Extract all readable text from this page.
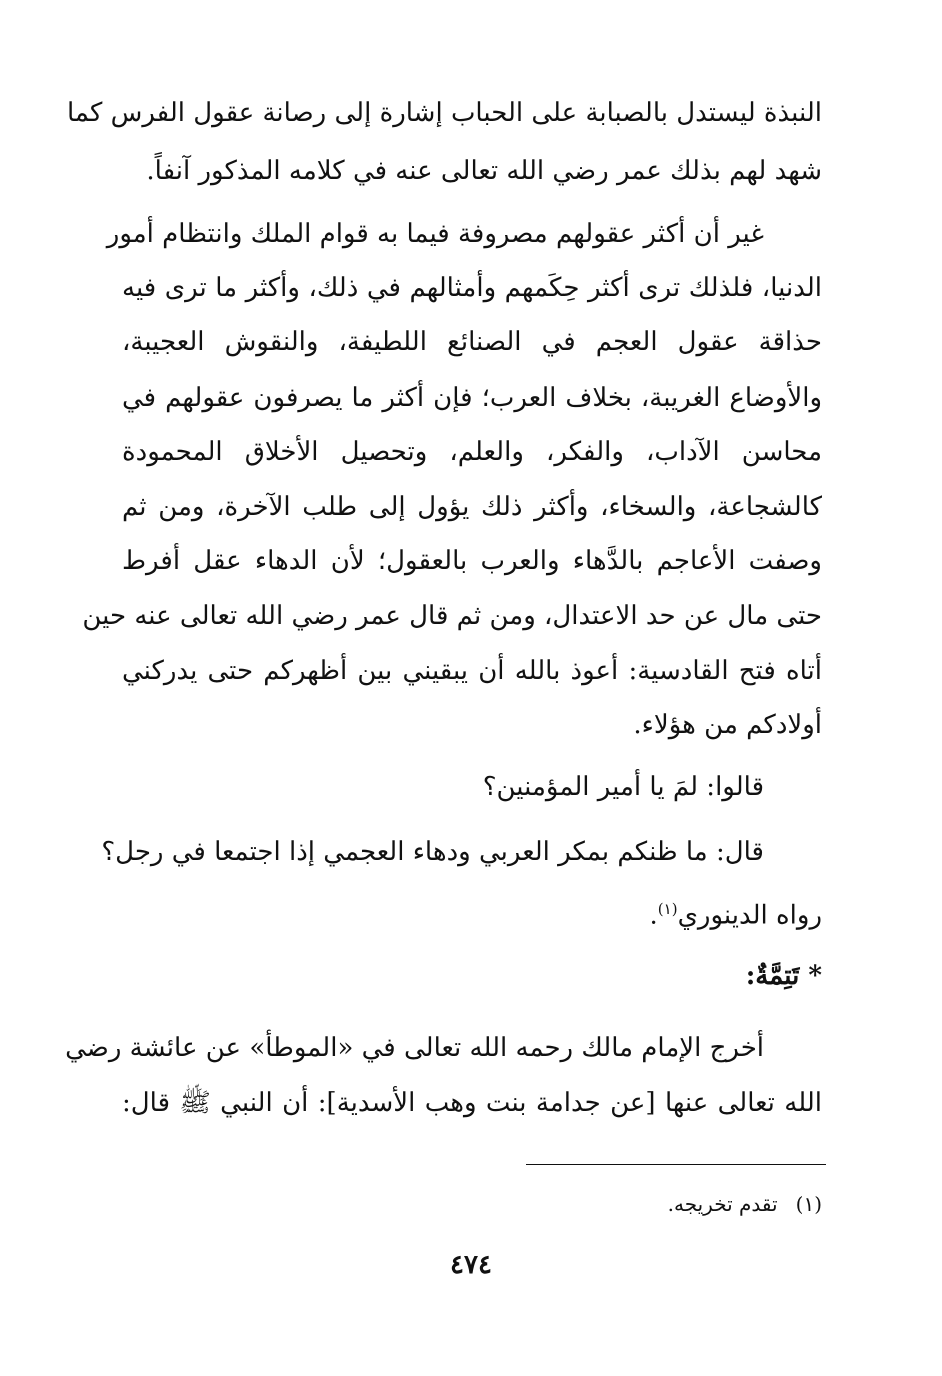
النبذة ليستدل بالصبابة على الحباب إشارة إلى رصانة عقول الفرس كما
شهد لهم بذلك عمر رضي الله تعالى عنه في كلامه المذكور آنفاً.
غير أن أكثر عقولهم مصروفة فيما به قوام الملك وانتظام أمور
الدنيا، فلذلك ترى أكثر حِكَمهم وأمثالهم في ذلك، وأكثر ما ترى فيه
حذاقة عقول العجم في الصنائع اللطيفة، والنقوش العجيبة،
والأوضاع الغريبة، بخلاف العرب؛ فإن أكثر ما يصرفون عقولهم في
محاسن الآداب، والفكر، والعلم، وتحصيل الأخلاق المحمودة
كالشجاعة، والسخاء، وأكثر ذلك يؤول إلى طلب الآخرة، ومن ثم
وصفت الأعاجم بالدَّهاء والعرب بالعقول؛ لأن الدهاء عقل أفرط
حتى مال عن حد الاعتدال، ومن ثم قال عمر رضي الله تعالى عنه حين
أتاه فتح القادسية: أعوذ بالله أن يبقيني بين أظهركم حتى يدركني
أولادكم من هؤلاء.
قالوا: لمَ يا أمير المؤمنين؟
قال: ما ظنكم بمكر العربي ودهاء العجمي إذا اجتمعا في رجل؟
رواه الدينوري$^{(١)}$.
* تَتِمَّةٌ:
أخرج الإمام مالك رحمه الله تعالى في «الموطأ» عن عائشة رضي
الله تعالى عنها [عن جدامة بنت وهب الأسدية]: أن النبي ﷺ قال:
(١)تقدم تخريجه.
٤٧٤
